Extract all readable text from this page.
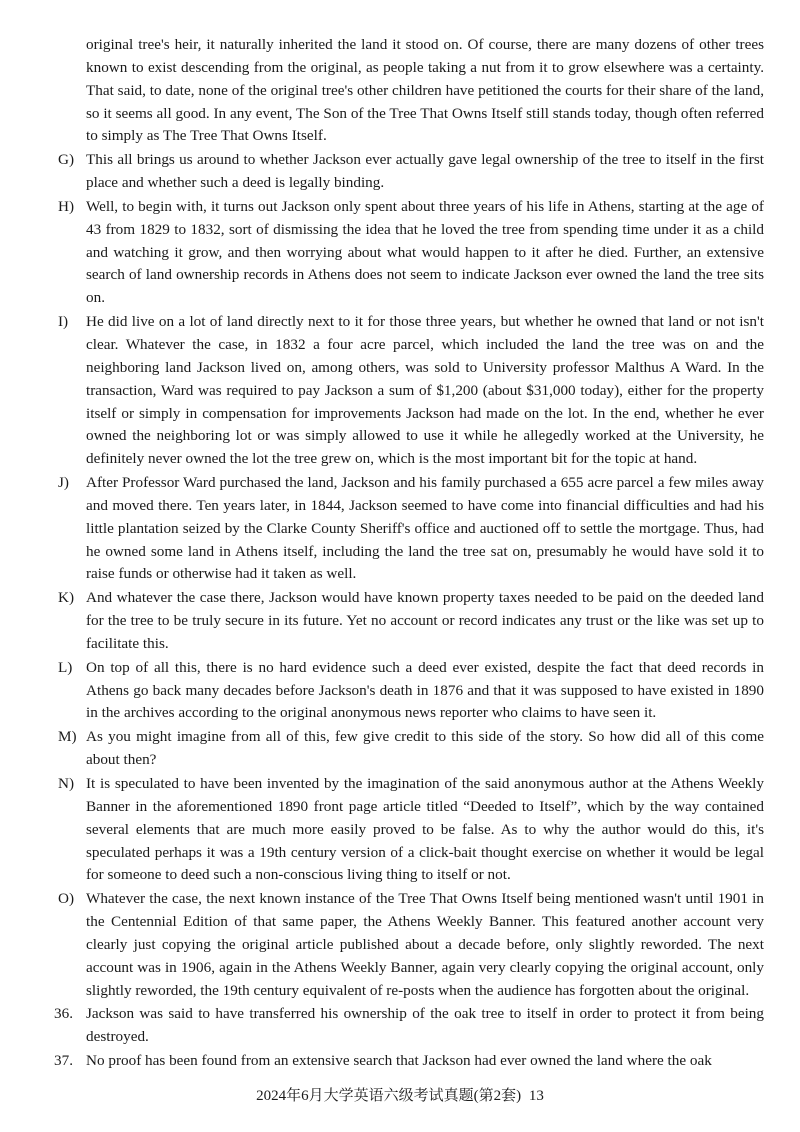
original tree's heir, it naturally inherited the land it stood on. Of course, there are many dozens of other trees known to exist descending from the original, as people taking a nut from it to grow elsewhere was a certainty. That said, to date, none of the original tree's other children have petitioned the courts for their share of the land, so it seems all good. In any event, The Son of the Tree That Owns Itself still stands today, though often referred to simply as The Tree That Owns Itself.
G) This all brings us around to whether Jackson ever actually gave legal ownership of the tree to itself in the first place and whether such a deed is legally binding.
H) Well, to begin with, it turns out Jackson only spent about three years of his life in Athens, starting at the age of 43 from 1829 to 1832, sort of dismissing the idea that he loved the tree from spending time under it as a child and watching it grow, and then worrying about what would happen to it after he died. Further, an extensive search of land ownership records in Athens does not seem to indicate Jackson ever owned the land the tree sits on.
I) He did live on a lot of land directly next to it for those three years, but whether he owned that land or not isn't clear. Whatever the case, in 1832 a four acre parcel, which included the land the tree was on and the neighboring land Jackson lived on, among others, was sold to University professor Malthus A Ward. In the transaction, Ward was required to pay Jackson a sum of $1,200 (about $31,000 today), either for the property itself or simply in compensation for improvements Jackson had made on the lot. In the end, whether he ever owned the neighboring lot or was simply allowed to use it while he allegedly worked at the University, he definitely never owned the lot the tree grew on, which is the most important bit for the topic at hand.
J) After Professor Ward purchased the land, Jackson and his family purchased a 655 acre parcel a few miles away and moved there. Ten years later, in 1844, Jackson seemed to have come into financial difficulties and had his little plantation seized by the Clarke County Sheriff's office and auctioned off to settle the mortgage. Thus, had he owned some land in Athens itself, including the land the tree sat on, presumably he would have sold it to raise funds or otherwise had it taken as well.
K) And whatever the case there, Jackson would have known property taxes needed to be paid on the deeded land for the tree to be truly secure in its future. Yet no account or record indicates any trust or the like was set up to facilitate this.
L) On top of all this, there is no hard evidence such a deed ever existed, despite the fact that deed records in Athens go back many decades before Jackson's death in 1876 and that it was supposed to have existed in 1890 in the archives according to the original anonymous news reporter who claims to have seen it.
M) As you might imagine from all of this, few give credit to this side of the story. So how did all of this come about then?
N) It is speculated to have been invented by the imagination of the said anonymous author at the Athens Weekly Banner in the aforementioned 1890 front page article titled “Deeded to Itself”, which by the way contained several elements that are much more easily proved to be false. As to why the author would do this, it's speculated perhaps it was a 19th century version of a click-bait thought exercise on whether it would be legal for someone to deed such a non-conscious living thing to itself or not.
O) Whatever the case, the next known instance of the Tree That Owns Itself being mentioned wasn't until 1901 in the Centennial Edition of that same paper, the Athens Weekly Banner. This featured another account very clearly just copying the original article published about a decade before, only slightly reworded. The next account was in 1906, again in the Athens Weekly Banner, again very clearly copying the original account, only slightly reworded, the 19th century equivalent of re-posts when the audience has forgotten about the original.
36. Jackson was said to have transferred his ownership of the oak tree to itself in order to protect it from being destroyed.
37. No proof has been found from an extensive search that Jackson had ever owned the land where the oak
2024年6月大学英语六级考试真题(第2套) 13
